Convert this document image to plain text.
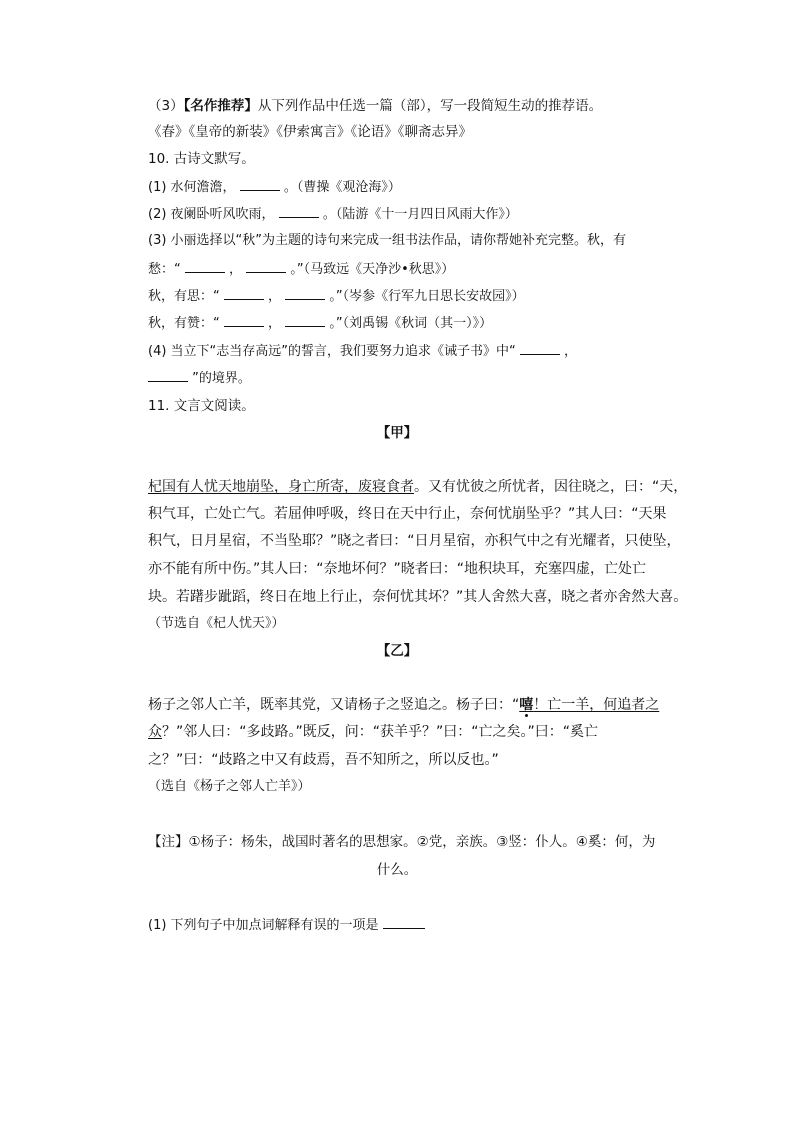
（3）【名作推荐】从下列作品中任选一篇（部），写一段简短生动的推荐语。
《春》《皇帝的新装》《伊索寓言》《论语》《聊斋志异》
10. 古诗文默写。
(1) 水何澹澹，	。（曹操《观沧海》）
(2) 夜阑卧听风吹雨，	。（陆游《十一月四日风雨大作》）
(3) 小丽选择以“秋”为主题的诗句来完成一组书法作品，请你帮她补充完整。秋，有
愁：“	，	。”（马致远《天净沙•秋思》）
秋，有思：“	，	。”（岑参《行军九日思长安故园》）
秋，有赞：“	，	。”（刘禹锡《秋词（其一）》）
(4) 当立下“志当存高远”的誓言，我们要努力追求《诫子书》中“	，
”的境界。
11. 文言文阅读。
【甲】
杞国有人忧天地崩坠，身亡所寄，废寝食者。又有忧彼之所忧者，因往晓之，曰：“天，
积气耳，亡处亡气。若屈伸呼吸，终日在天中行止，奈何忧崩坠乎？”其人曰：“天果
积气，日月星宿，不当坠耶？”晓之者曰：“日月星宿，亦积气中之有光耀者，只使坠，
亦不能有所中伤。”其人曰：“奈地坏何？”晓者曰：“地积块耳，充塞四虚，亡处亡
块。若躇步跐蹈，终日在地上行止，奈何忧其坏？”其人舍然大喜，晓之者亦舍然大喜。
（节选自《杞人忧天》）
【乙】
杨子之邻人亡羊，既率其党，又请杨子之竖追之。杨子曰：“嘻！亡一羊，何追者之
众？”邻人曰：“多歧路。”既反，问：“获羊乎？”曰：“亡之矣。”曰：“奚亡
之？”曰：“歧路之中又有歧焉，吾不知所之，所以反也。”
（选自《杨子之邻人亡羊》）
【注】①杨子：杨朱，战国时著名的思想家。②党，亲族。③竖：仆人。④奚：何，为
什么。
(1) 下列句子中加点词解释有误的一项是
